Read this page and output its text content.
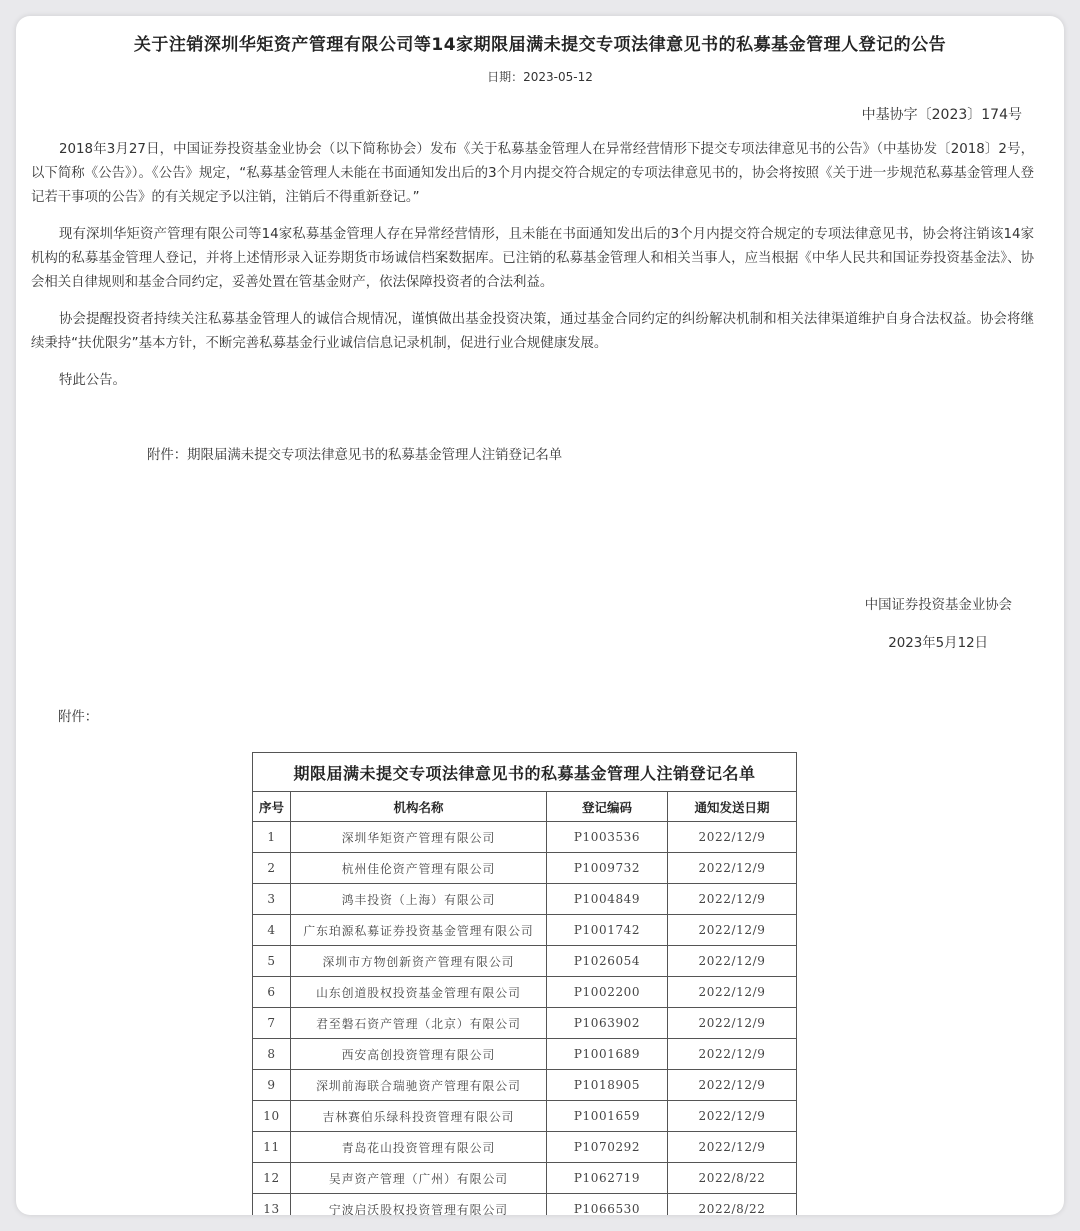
关于注销深圳华矩资产管理有限公司等14家期限届满未提交专项法律意见书的私募基金管理人登记的公告
日期：2023-05-12
中基协字〔2023〕174号
2018年3月27日，中国证券投资基金业协会（以下简称协会）发布《关于私募基金管理人在异常经营情形下提交专项法律意见书的公告》（中基协发〔2018〕2号，以下简称《公告》）。《公告》规定，“私募基金管理人未能在书面通知发出后的3个月内提交符合规定的专项法律意见书的，协会将按照《关于进一步规范私募基金管理人登记若干事项的公告》的有关规定予以注销，注销后不得重新登记。”
现有深圳华矩资产管理有限公司等14家私募基金管理人存在异常经营情形，且未能在书面通知发出后的3个月内提交符合规定的专项法律意见书，协会将注销该14家机构的私募基金管理人登记，并将上述情形录入证券期货市场诚信档案数据库。已注销的私募基金管理人和相关当事人，应当根据《中华人民共和国证券投资基金法》、协会相关自律规则和基金合同约定，妥善处置在管基金财产，依法保障投资者的合法利益。
协会提醒投资者持续关注私募基金管理人的诚信合规情况，谨慎做出基金投资决策，通过基金合同约定的纠纷解决机制和相关法律渠道维护自身合法权益。协会将继续秉持“扶优限劣”基本方针，不断完善私募基金行业诚信信息记录机制，促进行业合规健康发展。
特此公告。
附件：期限届满未提交专项法律意见书的私募基金管理人注销登记名单
中国证券投资基金业协会
2023年5月12日
附件：
期限届满未提交专项法律意见书的私募基金管理人注销登记名单			
序号	机构名称	登记编码	通知发送日期
1	深圳华矩资产管理有限公司	P1003536	2022/12/9
2	杭州佳伦资产管理有限公司	P1009732	2022/12/9
3	鸿丰投资（上海）有限公司	P1004849	2022/12/9
4	广东珀源私募证券投资基金管理有限公司	P1001742	2022/12/9
5	深圳市方物创新资产管理有限公司	P1026054	2022/12/9
6	山东创道股权投资基金管理有限公司	P1002200	2022/12/9
7	君至磐石资产管理（北京）有限公司	P1063902	2022/12/9
8	西安高创投资管理有限公司	P1001689	2022/12/9
9	深圳前海联合瑞驰资产管理有限公司	P1018905	2022/12/9
10	吉林赛伯乐绿科投资管理有限公司	P1001659	2022/12/9
11	青岛花山投资管理有限公司	P1070292	2022/12/9
12	吴声资产管理（广州）有限公司	P1062719	2022/8/22
13	宁波启沃股权投资管理有限公司	P1066530	2022/8/22
